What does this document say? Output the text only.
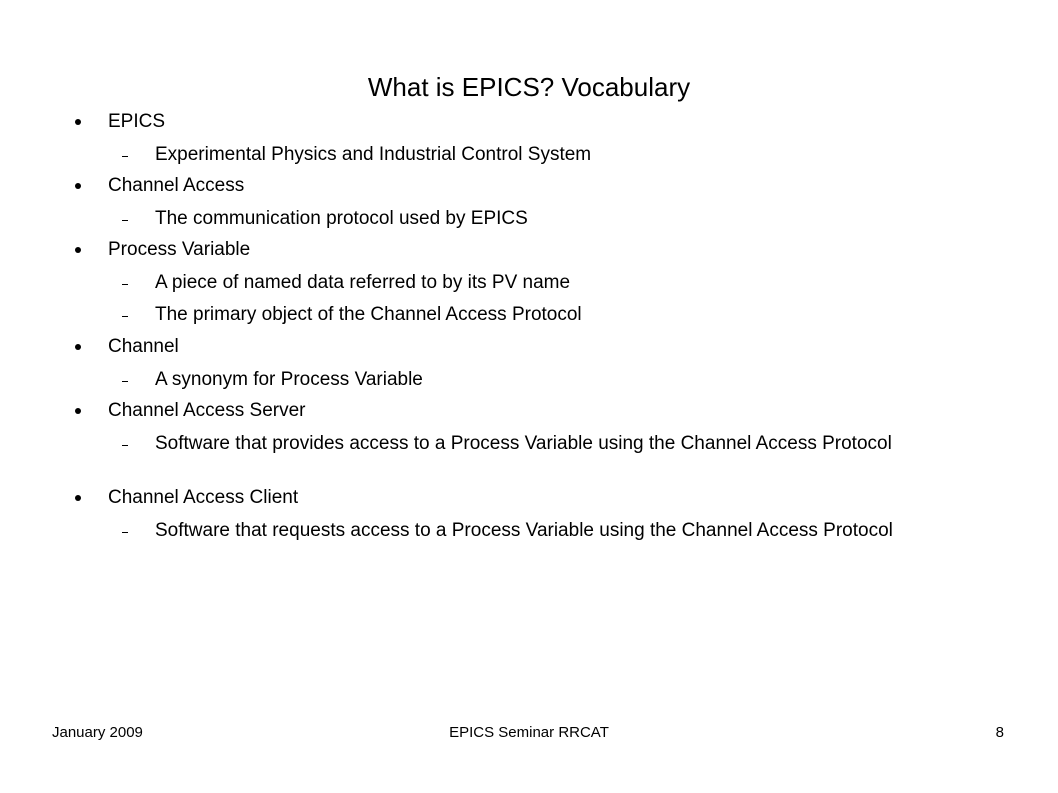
What is EPICS? Vocabulary
EPICS
Experimental Physics and Industrial Control System
Channel Access
The communication protocol used by EPICS
Process Variable
A piece of named data referred to by its PV name
The primary object of the Channel Access Protocol
Channel
A synonym for Process Variable
Channel Access Server
Software that provides access to a Process Variable using the Channel Access Protocol
Channel Access Client
Software that requests access to a Process Variable using the Channel Access Protocol
January 2009	EPICS Seminar RRCAT	8
